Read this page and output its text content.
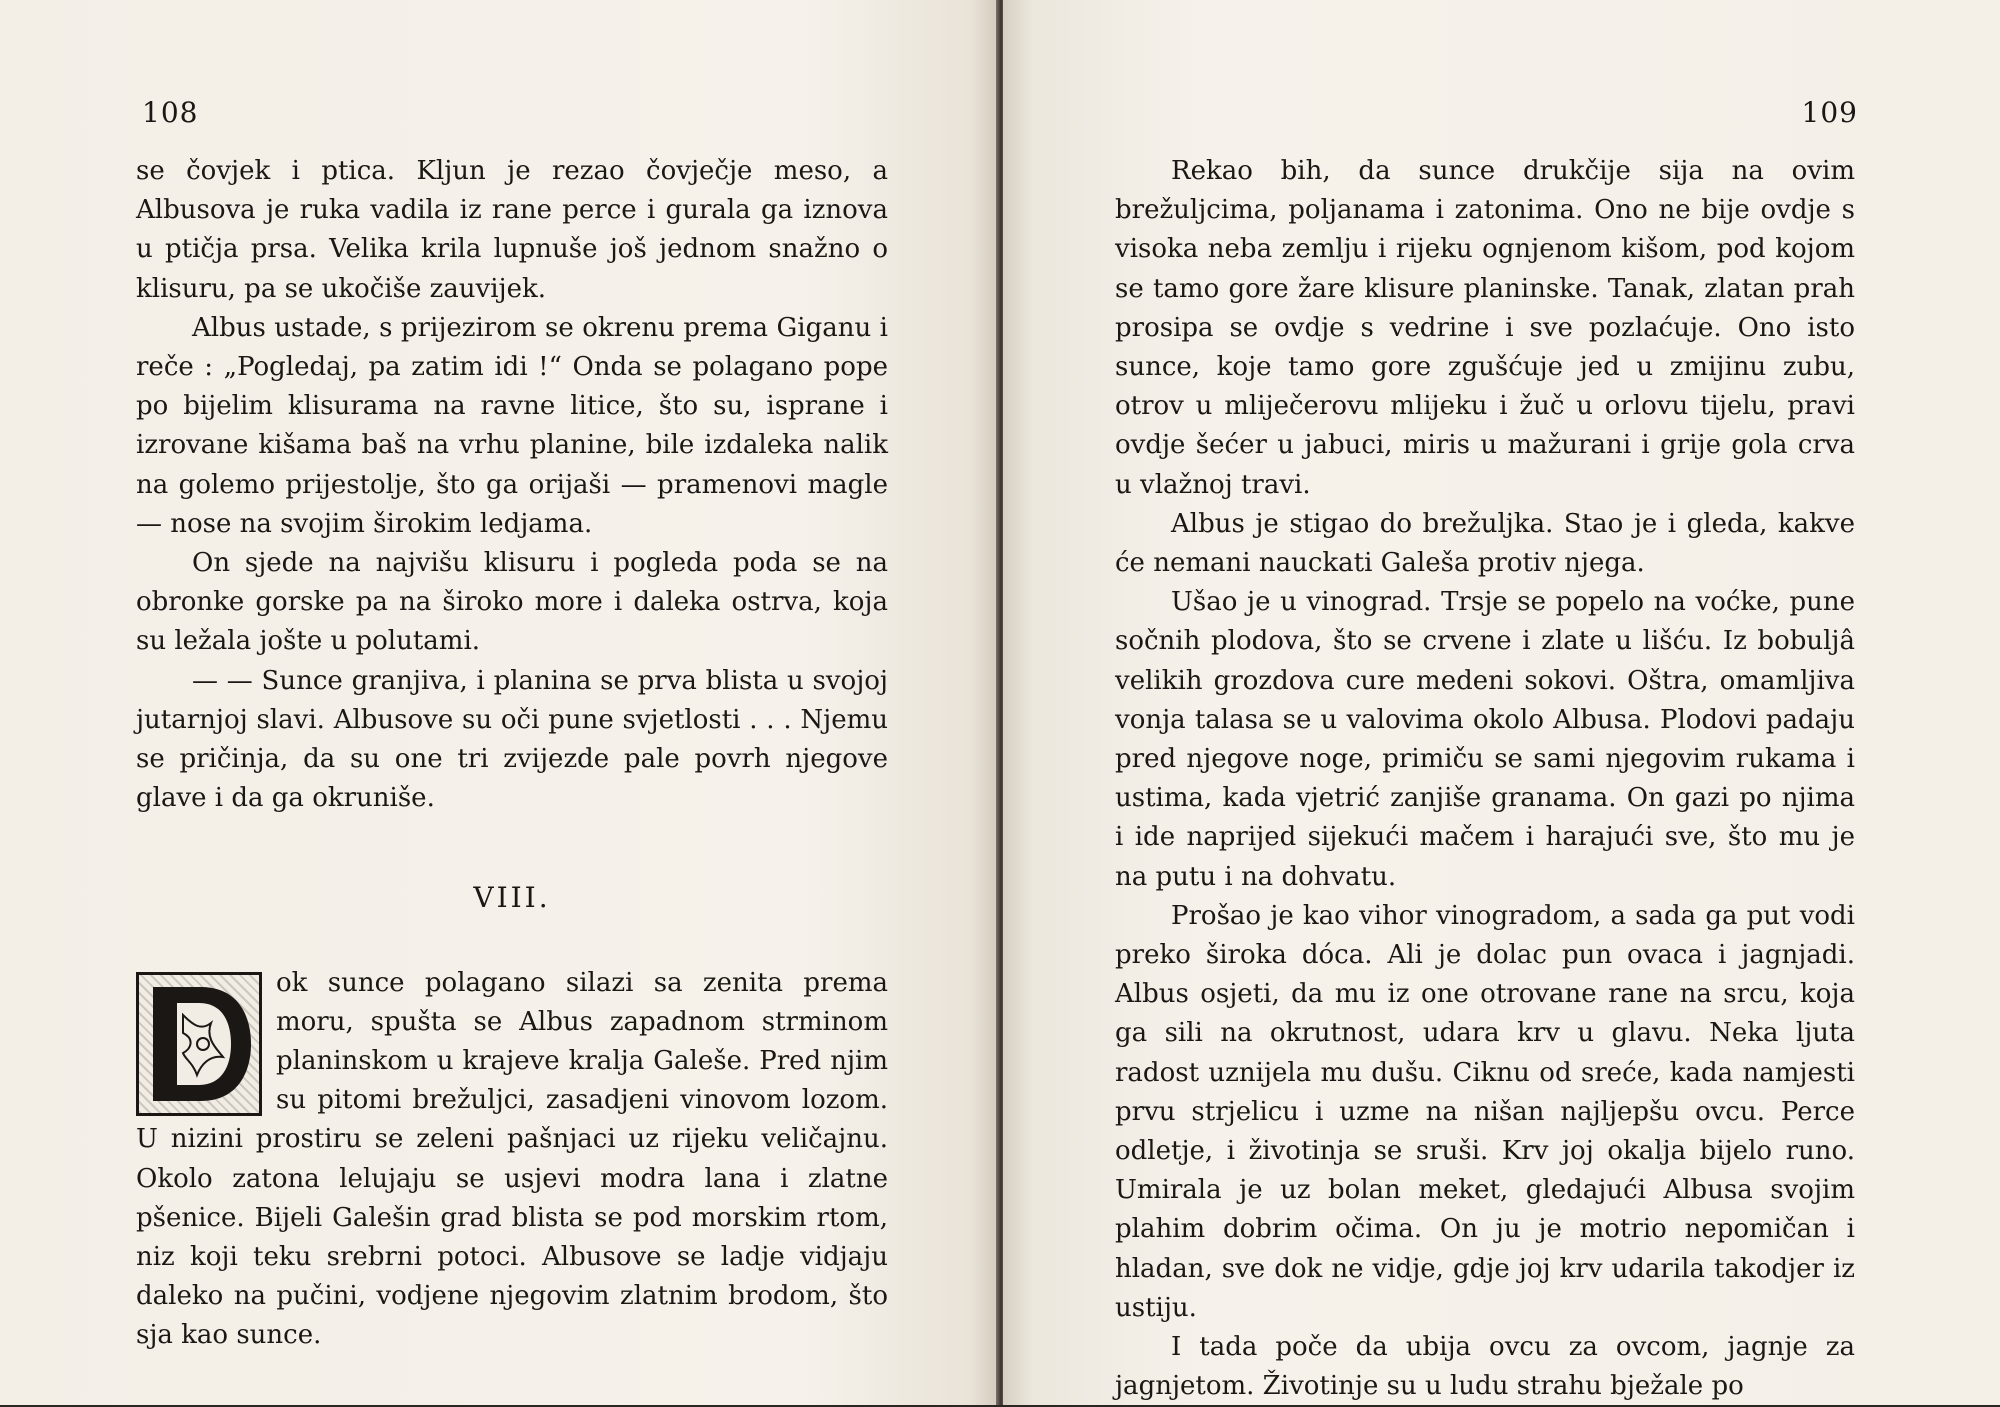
108

se čovjek i ptica. Kljun je rezao čovječje meso, a Albusova je ruka vadila iz rane perce i gurala ga iznova u ptičja prsa. Velika krila lupnuše još jednom snažno o klisuru, pa se ukočiše zauvijek.

Albus ustade, s prijezirom se okrenu prema Giganu i reče : „Pogledaj, pa zatim idi !“ Onda se polagano pope po bijelim klisurama na ravne litice, što su, isprane i izrovane kišama baš na vrhu planine, bile izdaleka nalik na golemo prijestolje, što ga orijaši — pramenovi magle — nose na svojim širokim ledjama.

On sjede na najvišu klisuru i pogleda poda se na obronke gorske pa na široko more i daleka ostrva, koja su ležala jošte u polutami.

— — Sunce granjiva, i planina se prva blista u svojoj jutarnjoj slavi. Albusove su oči pune svjetlosti . . . Njemu se pričinja, da su one tri zvijezde pale povrh njegove glave i da ga okruniše.

VIII.

ok sunce polagano silazi sa zenita prema moru, spušta se Albus zapadnom strminom planinskom u krajeve kralja Galeše. Pred njim su pitomi brežuljci, zasadjeni vinovom lozom. U nizini prostiru se zeleni pašnjaci uz rijeku veličajnu. Okolo zatona lelujaju se usjevi modra lana i zlatne pšenice. Bijeli Galešin grad blista se pod morskim rtom, niz koji teku srebrni potoci. Albusove se ladje vidjaju daleko na pučini, vodjene njegovim zlatnim brodom, što sja kao sunce.

109

Rekao bih, da sunce drukčije sija na ovim brežuljcima, poljanama i zatonima. Ono ne bije ovdje s visoka neba zemlju i rijeku ognjenom kišom, pod kojom se tamo gore žare klisure planinske. Tanak, zlatan prah prosipa se ovdje s vedrine i sve pozlaćuje. Ono isto sunce, koje tamo gore zgušćuje jed u zmijinu zubu, otrov u mliječerovu mlijeku i žuč u orlovu tijelu, pravi ovdje šećer u jabuci, miris u mažurani i grije gola crva u vlažnoj travi.

Albus je stigao do brežuljka. Stao je i gleda, kakve će nemani nauckati Galeša protiv njega.

Ušao je u vinograd. Trsje se popelo na voćke, pune sočnih plodova, što se crvene i zlate u lišću. Iz bobuljâ velikih grozdova cure medeni sokovi. Oštra, omamljiva vonja talasa se u valovima okolo Albusa. Plodovi padaju pred njegove noge, primiču se sami njegovim rukama i ustima, kada vjetrić zanjiše granama. On gazi po njima i ide naprijed sijekući mačem i harajući sve, što mu je na putu i na dohvatu.

Prošao je kao vihor vinogradom, a sada ga put vodi preko široka dóca. Ali je dolac pun ovaca i jagnjadi. Albus osjeti, da mu iz one otrovane rane na srcu, koja ga sili na okrutnost, udara krv u glavu. Neka ljuta radost uznijela mu dušu. Ciknu od sreće, kada namjesti prvu strjelicu i uzme na nišan najljepšu ovcu. Perce odletje, i životinja se sruši. Krv joj okalja bijelo runo. Umirala je uz bolan meket, gledajući Albusa svojim plahim dobrim očima. On ju je motrio nepomičan i hladan, sve dok ne vidje, gdje joj krv udarila takodjer iz ustiju.

I tada poče da ubija ovcu za ovcom, jagnje za jagnjetom. Životinje su u ludu strahu bježale po
